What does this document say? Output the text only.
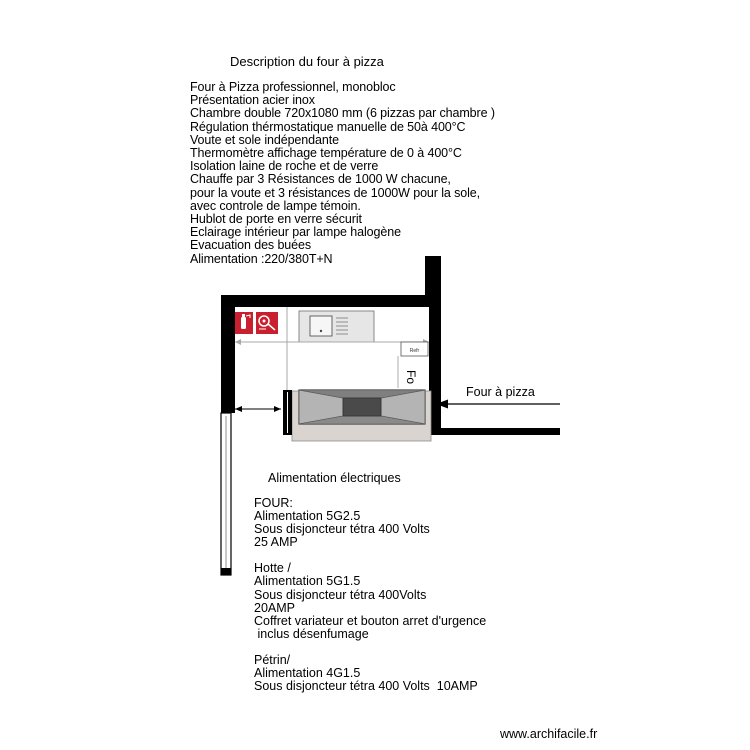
Description du four à pizza
Four à Pizza professionnel, monobloc
Présentation acier inox
Chambre double 720x1080 mm (6 pizzas par chambre )
Régulation thérmostatique manuelle de 50à 400°C
Voute et sole indépendante
Thermomètre affichage température de 0 à 400°C
Isolation laine de roche et de verre
Chauffe par 3 Résistances de 1000 W chacune,
pour la voute et 3 résistances de 1000W pour la sole,
avec controle de lampe témoin.
Hublot de porte en verre sécurit
Eclairage intérieur par lampe halogène
Evacuation des buées
Alimentation :220/380T+N
Refr
Fo
Four à pizza
Alimentation électriques
FOUR:
Alimentation 5G2.5
Sous disjoncteur tétra 400 Volts
25 AMP
Hotte /
Alimentation 5G1.5
Sous disjoncteur tétra 400Volts
20AMP
Coffret variateur et bouton arret d'urgence
inclus désenfumage
Pétrin/
Alimentation 4G1.5
Sous disjoncteur tétra 400 Volts  10AMP
www.archifacile.fr
